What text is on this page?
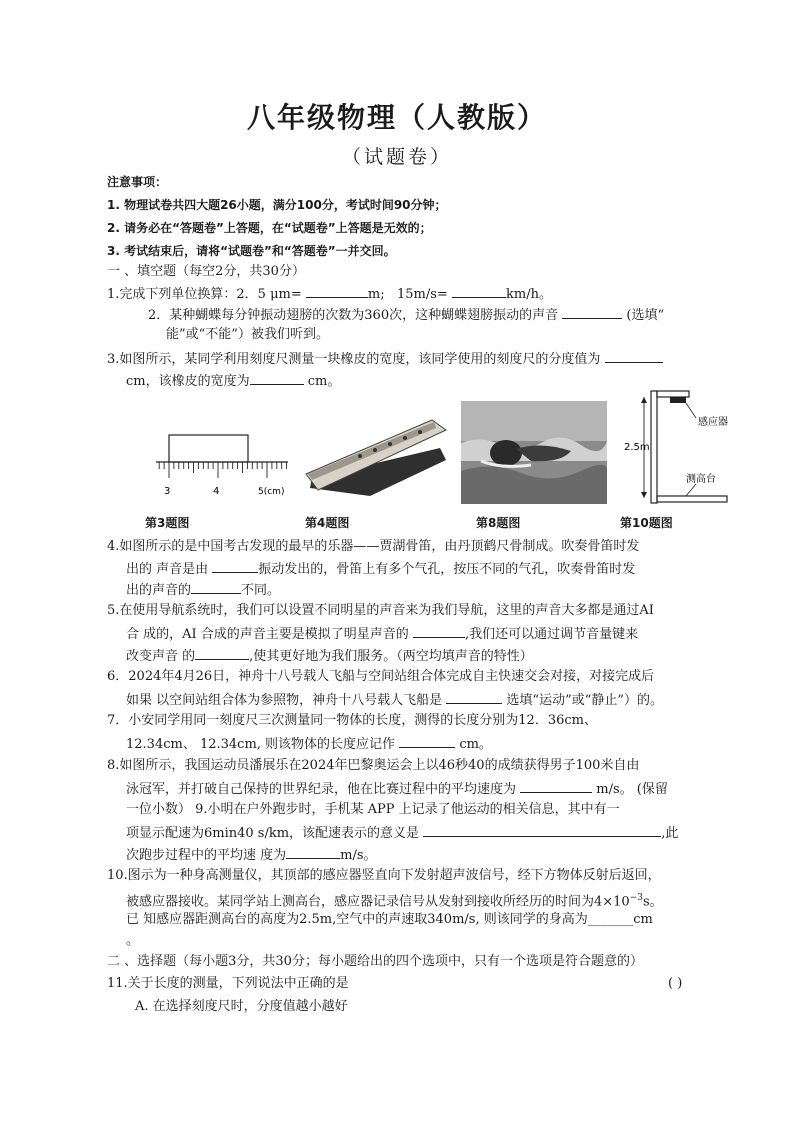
八年级物理（人教版）
（试题卷）
注意事项：
1. 物理试卷共四大题26小题，满分100分，考试时间90分钟；
2. 请务必在“答题卷”上答题，在“试题卷”上答题是无效的；
3. 考试结束后，请将“试题卷”和“答题卷”一并交回。
一 、填空题（每空2分，共30分）
1.完成下列单位换算：2．5 μm=	m; 15m/s=	km/h。
2．某种蝴蝶每分钟振动翅膀的次数为360次，这种蝴蝶翅膀振动的声音	(选填“
能”或“不能”）被我们听到。
3.如图所示，某同学利用刻度尺测量一块橡皮的宽度，该同学使用的刻度尺的分度值为
cm，该橡皮的宽度为	cm。
3	4	5(cm)
感应器
2.5m
测高台
第3题图	第4题图	第8题图	第10题图
4.如图所示的是中国考古发现的最早的乐器——贾湖骨笛，由丹顶鹤尺骨制成。吹奏骨笛时发
出的 声音是由	振动发出的，骨笛上有多个气孔，按压不同的气孔，吹奏骨笛时发
出的声音的	不同。
5.在使用导航系统时，我们可以设置不同明星的声音来为我们导航，这里的声音大多都是通过AI
合 成的，AI 合成的声音主要是模拟了明星声音的	,我们还可以通过调节音量键来
改变声音 的	,使其更好地为我们服务。（两空均填声音的特性）
6．2024年4月26日，神舟十八号载人飞船与空间站组合体完成自主快速交会对接，对接完成后
如果 以空间站组合体为参照物，神舟十八号载人飞船是	选填“运动”或“静止”）的。
7．小安同学用同一刻度尺三次测量同一物体的长度，测得的长度分别为12．36cm、
12.34cm、 12.34cm, 则该物体的长度应记作	cm。
8.如图所示，我国运动员潘展乐在2024年巴黎奥运会上以46秒40的成绩获得男子100米自由
泳冠军，并打破自己保持的世界纪录，他在比赛过程中的平均速度为	m/s。 (保留
一位小数） 9.小明在户外跑步时，手机某 APP 上记录了他运动的相关信息，其中有一
项显示配速为6min40 s/km，该配速表示的意义是	,此
次跑步过程中的平均速 度为	m/s。
10.图示为一种身高测量仪，其顶部的感应器竖直向下发射超声波信号，经下方物体反射后返回，
被感应器接收。某同学站上测高台，感应器记录信号从发射到接收所经历的时间为$4\times 10^{-3}s$。
已 知感应器距测高台的高度为2.5m,空气中的声速取340m/s, 则该同学的身高为_______cm
。
二 、选择题（每小题3分，共30分；每小题给出的四个选项中，只有一个选项是符合题意的）
11.关于长度的测量，下列说法中正确的是	( )
A. 在选择刻度尺时，分度值越小越好
